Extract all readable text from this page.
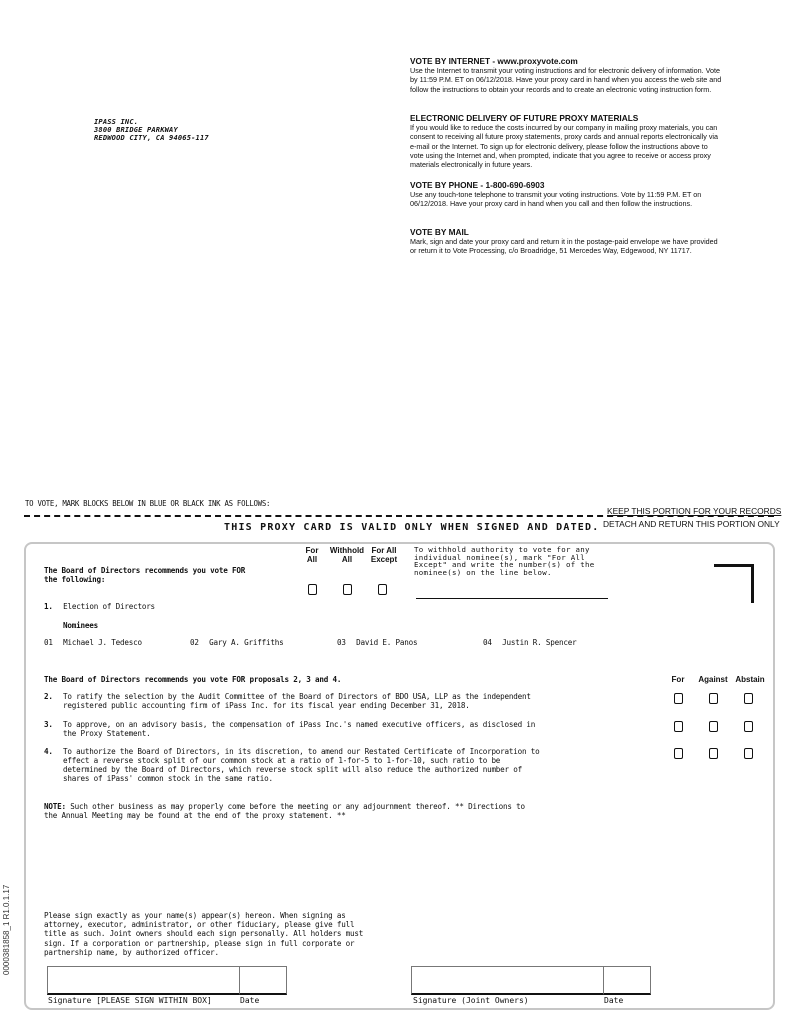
IPASS INC.
3800 BRIDGE PARKWAY
REDWOOD CITY, CA 94065-117
VOTE BY INTERNET - www.proxyvote.com

Use the Internet to transmit your voting instructions and for electronic delivery of information. Vote by 11:59 P.M. ET on 06/12/2018. Have your proxy card in hand when you access the web site and follow the instructions to obtain your records and to create an electronic voting instruction form.

ELECTRONIC DELIVERY OF FUTURE PROXY MATERIALS

If you would like to reduce the costs incurred by our company in mailing proxy materials, you can consent to receiving all future proxy statements, proxy cards and annual reports electronically via e-mail or the Internet. To sign up for electronic delivery, please follow the instructions above to vote using the Internet and, when prompted, indicate that you agree to receive or access proxy materials electronically in future years.

VOTE BY PHONE - 1-800-690-6903

Use any touch-tone telephone to transmit your voting instructions. Vote by 11:59 P.M. ET on 06/12/2018. Have your proxy card in hand when you call and then follow the instructions.

VOTE BY MAIL

Mark, sign and date your proxy card and return it in the postage-paid envelope we have provided or return it to Vote Processing, c/o Broadridge, 51 Mercedes Way, Edgewood, NY 11717.

TO VOTE, MARK BLOCKS BELOW IN BLUE OR BLACK INK AS FOLLOWS:
KEEP THIS PORTION FOR YOUR RECORDS
DETACH AND RETURN THIS PORTION ONLY
THIS PROXY CARD IS VALID ONLY WHEN SIGNED AND DATED.
The Board of Directors recommends you vote FOR
the following:
For
All
Withhold
All
For All
Except
To withhold authority to vote for any
individual nominee(s), mark "For All
Except" and write the number(s) of the
nominee(s) on the line below.
1. Election of Directors
Nominees
01 Michael J. Tedesco	02 Gary A. Griffiths	03 David E. Panos	04 Justin R. Spencer
The Board of Directors recommends you vote FOR proposals 2, 3 and 4.	For	Against Abstain
2.	To ratify the selection by the Audit Committee of the Board of Directors of BDO USA, LLP as the independent
registered public accounting firm of iPass Inc. for its fiscal year ending December 31, 2018.
3.	To approve, on an advisory basis, the compensation of iPass Inc.'s named executive officers, as disclosed in
the Proxy Statement.
4.	To authorize the Board of Directors, in its discretion, to amend our Restated Certificate of Incorporation to
effect a reverse stock split of our common stock at a ratio of 1-for-5 to 1-for-10, such ratio to be
determined by the Board of Directors, which reverse stock split will also reduce the authorized number of
shares of iPass' common stock in the same ratio.
NOTE: Such other business as may properly come before the meeting or any adjournment thereof. ** Directions to
the Annual Meeting may be found at the end of the proxy statement. **
Please sign exactly as your name(s) appear(s) hereon. When signing as
attorney, executor, administrator, or other fiduciary, please give full
title as such. Joint owners should each sign personally. All holders must
sign. If a corporation or partnership, please sign in full corporate or
partnership name, by authorized officer.
Signature [PLEASE SIGN WITHIN BOX]	Date	Signature (Joint Owners)	Date
0000381858_1 R1.0.1.17
